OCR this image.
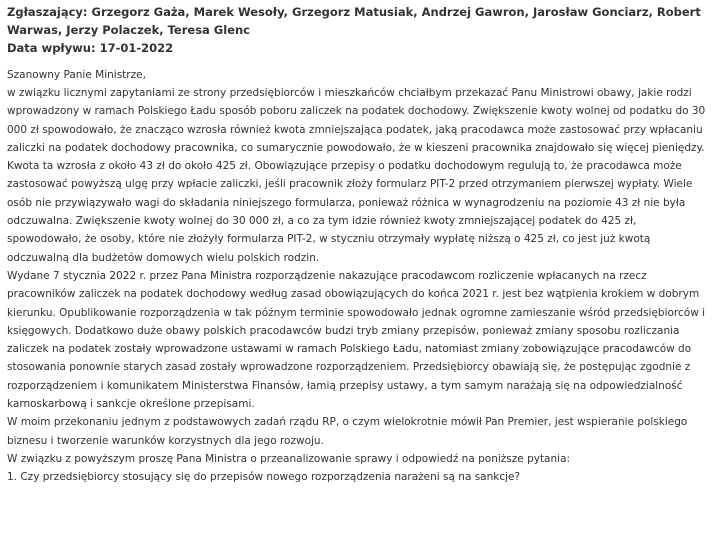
Zgłaszający: Grzegorz Gaża, Marek Wesoły, Grzegorz Matusiak, Andrzej Gawron, Jarosław Gonciarz, Robert Warwas, Jerzy Polaczek, Teresa Glenc
Data wpływu: 17-01-2022
Szanowny Panie Ministrze,

w związku licznymi zapytaniami ze strony przedsiębiorców i mieszkańców chciałbym przekazać Panu Ministrowi obawy, jakie rodzi wprowadzony w ramach Polskiego Ładu sposób poboru zaliczek na podatek dochodowy. Zwiększenie kwoty wolnej od podatku do 30 000 zł spowodowało, że znacząco wzrosła również kwota zmniejszająca podatek, jaką pracodawca może zastosować przy wpłacaniu zaliczki na podatek dochodowy pracownika, co sumarycznie powodowało, że w kieszeni pracownika znajdowało się więcej pieniędzy. Kwota ta wzrosła z około 43 zł do około 425 zł. Obowiązujące przepisy o podatku dochodowym regulują to, że pracodawca może zastosować powyższą ulgę przy wpłacie zaliczki, jeśli pracownik złoży formularz PIT-2 przed otrzymaniem pierwszej wypłaty. Wiele osób nie przywiązywało wagi do składania niniejszego formularza, ponieważ różnica w wynagrodzeniu na poziomie 43 zł nie była odczuwalna. Zwiększenie kwoty wolnej do 30 000 zł, a co za tym idzie również kwoty zmniejszającej podatek do 425 zł, spowodowało, że osoby, które nie złożyły formularza PIT-2, w styczniu otrzymały wypłatę niższą o 425 zł, co jest już kwotą odczuwalną dla budżetów domowych wielu polskich rodzin.

Wydane 7 stycznia 2022 r. przez Pana Ministra rozporządzenie nakazujące pracodawcom rozliczenie wpłacanych na rzecz pracowników zaliczek na podatek dochodowy według zasad obowiązujących do końca 2021 r. jest bez wątpienia krokiem w dobrym kierunku. Opublikowanie rozporządzenia w tak późnym terminie spowodowało jednak ogromne zamieszanie wśród przedsiębiorców i księgowych. Dodatkowo duże obawy polskich pracodawców budzi tryb zmiany przepisów, ponieważ zmiany sposobu rozliczania zaliczek na podatek zostały wprowadzone ustawami w ramach Polskiego Ładu, natomiast zmiany zobowiązujące pracodawców do stosowania ponownie starych zasad zostały wprowadzone rozporządzeniem. Przedsiębiorcy obawiają się, że postępując zgodnie z rozporządzeniem i komunikatem Ministerstwa Finansów, łamią przepisy ustawy, a tym samym narażają się na odpowiedzialność karnoskarbową i sankcje określone przepisami.

W moim przekonaniu jednym z podstawowych zadań rządu RP, o czym wielokrotnie mówił Pan Premier, jest wspieranie polskiego biznesu i tworzenie warunków korzystnych dla jego rozwoju.

W związku z powyższym proszę Pana Ministra o przeanalizowanie sprawy i odpowiedź na poniższe pytania:

1. Czy przedsiębiorcy stosujący się do przepisów nowego rozporządzenia narażeni są na sankcje?
